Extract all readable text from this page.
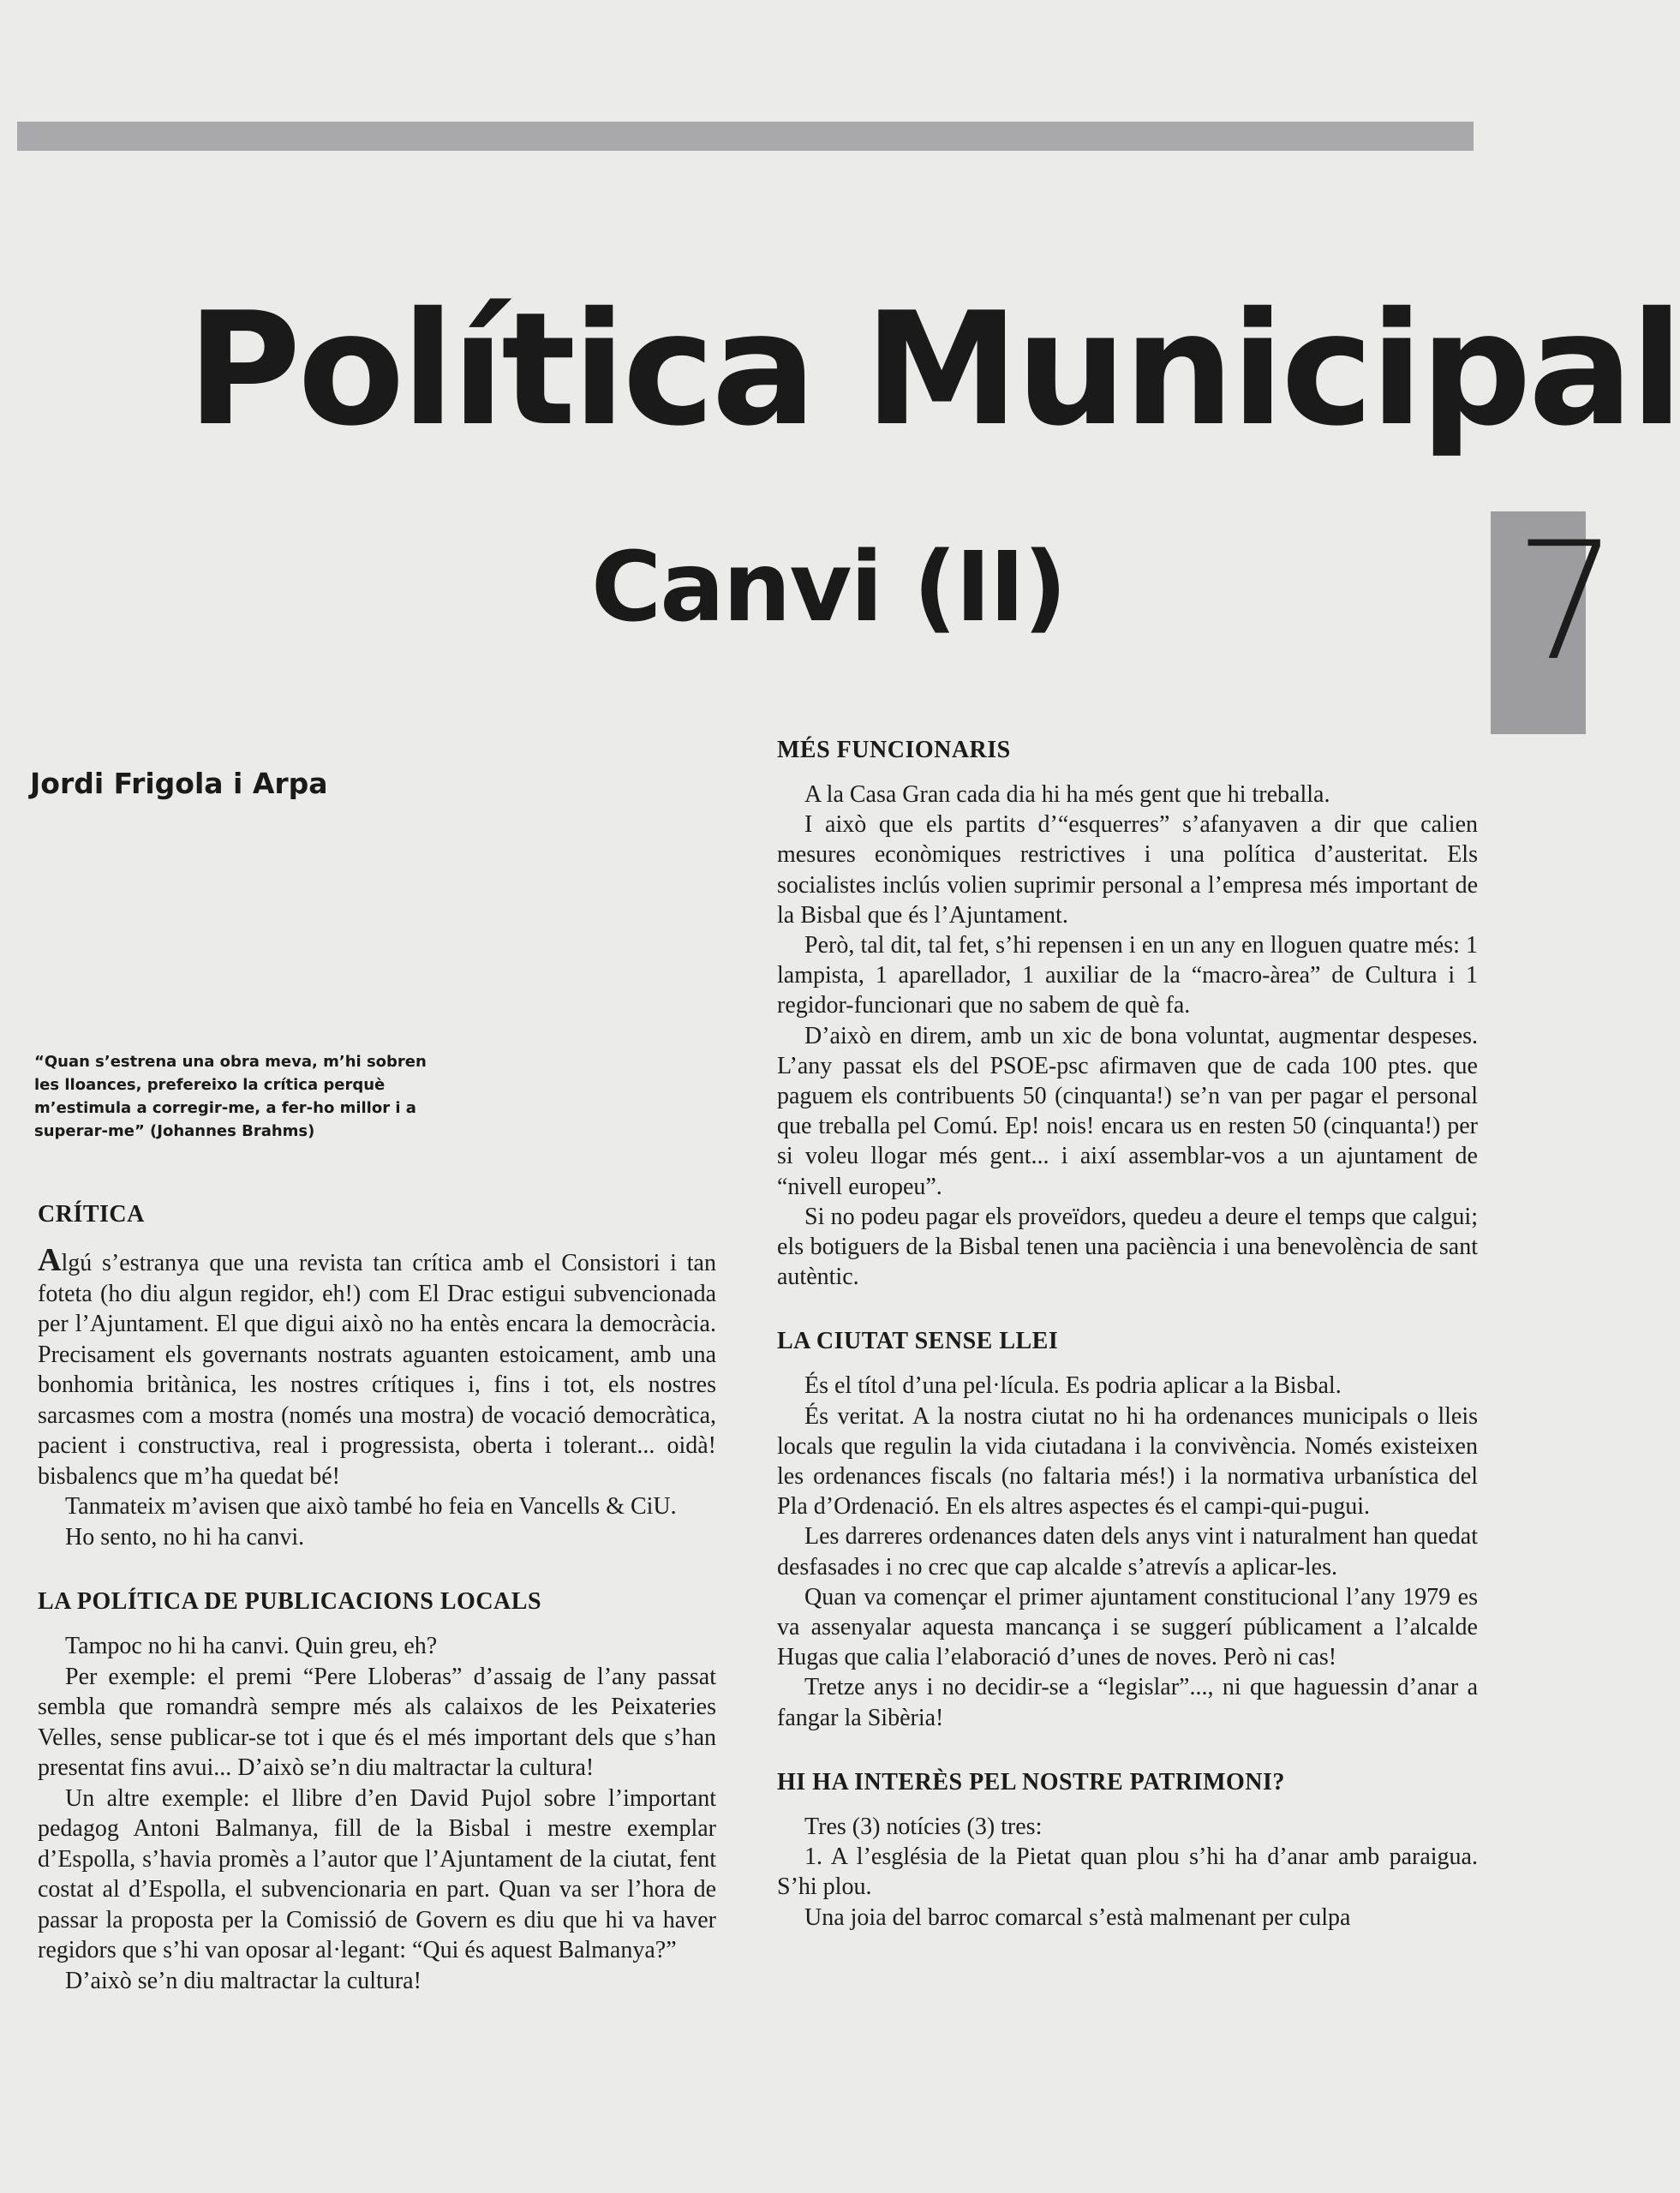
7
Política Municipal
Canvi (II)

Jordi Frigola i Arpa

“Quan s’estrena una obra meva, m’hi sobren les lloances, prefereixo la crítica perquè m’estimula a corregir-me, a fer-ho millor i a superar-me” (Johannes Brahms)

CRÍTICA

Algú s’estranya que una revista tan crítica amb el Consistori i tan foteta (ho diu algun regidor, eh!) com El Drac estigui subvencionada per l’Ajuntament. El que digui això no ha entès encara la democràcia. Precisament els governants nostrats aguanten estoicament, amb una bonhomia britànica, les nostres crítiques i, fins i tot, els nostres sarcasmes com a mostra (només una mostra) de vocació democràtica, pacient i constructiva, real i progressista, oberta i tolerant... oidà! bisbalencs que m’ha quedat bé!

Tanmateix m’avisen que això també ho feia en Vancells & CiU.

Ho sento, no hi ha canvi.

LA POLÍTICA DE PUBLICACIONS LOCALS

Tampoc no hi ha canvi. Quin greu, eh?

Per exemple: el premi “Pere Lloberas” d’assaig de l’any passat sembla que romandrà sempre més als calaixos de les Peixateries Velles, sense publicar-se tot i que és el més important dels que s’han presentat fins avui... D’això se’n diu maltractar la cultura!

Un altre exemple: el llibre d’en David Pujol sobre l’important pedagog Antoni Balmanya, fill de la Bisbal i mestre exemplar d’Espolla, s’havia promès a l’autor que l’Ajuntament de la ciutat, fent costat al d’Espolla, el subvencionaria en part. Quan va ser l’hora de passar la proposta per la Comissió de Govern es diu que hi va haver regidors que s’hi van oposar al·legant: “Qui és aquest Balmanya?”

D’això se’n diu maltractar la cultura!

MÉS FUNCIONARIS

A la Casa Gran cada dia hi ha més gent que hi treballa.

I això que els partits d’“esquerres” s’afanyaven a dir que calien mesures econòmiques restrictives i una política d’austeritat. Els socialistes inclús volien suprimir personal a l’empresa més important de la Bisbal que és l’Ajuntament.

Però, tal dit, tal fet, s’hi repensen i en un any en lloguen quatre més: 1 lampista, 1 aparellador, 1 auxiliar de la “macro-àrea” de Cultura i 1 regidor-funcionari que no sabem de què fa.

D’això en direm, amb un xic de bona voluntat, augmentar despeses. L’any passat els del PSOE-psc afirmaven que de cada 100 ptes. que paguem els contribuents 50 (cinquanta!) se’n van per pagar el personal que treballa pel Comú. Ep! nois! encara us en resten 50 (cinquanta!) per si voleu llogar més gent... i així assemblar-vos a un ajuntament de “nivell europeu”.

Si no podeu pagar els proveïdors, quedeu a deure el temps que calgui; els botiguers de la Bisbal tenen una paciència i una benevolència de sant autèntic.

LA CIUTAT SENSE LLEI

És el títol d’una pel·lícula. Es podria aplicar a la Bisbal.

És veritat. A la nostra ciutat no hi ha ordenances municipals o lleis locals que regulin la vida ciutadana i la convivència. Només existeixen les ordenances fiscals (no faltaria més!) i la normativa urbanística del Pla d’Ordenació. En els altres aspectes és el campi-qui-pugui.

Les darreres ordenances daten dels anys vint i naturalment han quedat desfasades i no crec que cap alcalde s’atrevís a aplicar-les.

Quan va començar el primer ajuntament constitucional l’any 1979 es va assenyalar aquesta mancança i se suggerí públicament a l’alcalde Hugas que calia l’elaboració d’unes de noves. Però ni cas!

Tretze anys i no decidir-se a “legislar”..., ni que haguessin d’anar a fangar la Sibèria!

HI HA INTERÈS PEL NOSTRE PATRIMONI?

Tres (3) notícies (3) tres:

1. A l’església de la Pietat quan plou s’hi ha d’anar amb paraigua. S’hi plou.

Una joia del barroc comarcal s’està malmenant per culpa
